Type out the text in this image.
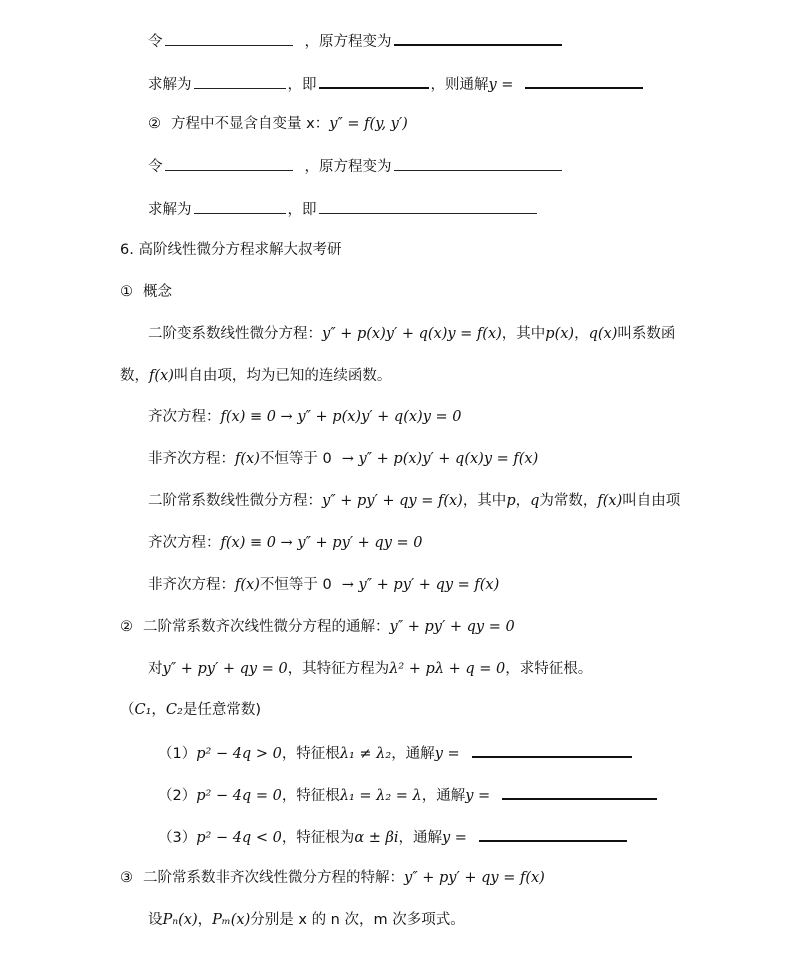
令	，原方程变为
求解为	，即	，则通解y =
② 方程中不显含自变量 x：y″ = f(y, y′)
令	，原方程变为
求解为	，即
6. 高阶线性微分方程求解大叔考研
① 概念
二阶变系数线性微分方程：y″ + p(x)y′ + q(x)y = f(x)，其中p(x)，q(x)叫系数函
数，f(x)叫自由项，均为已知的连续函数。
齐次方程：f(x) ≡ 0 → y″ + p(x)y′ + q(x)y = 0
非齐次方程：f(x)不恒等于 0 → y″ + p(x)y′ + q(x)y = f(x)
二阶常系数线性微分方程：y″ + py′ + qy = f(x)，其中p，q为常数，f(x)叫自由项
齐次方程：f(x) ≡ 0 → y″ + py′ + qy = 0
非齐次方程：f(x)不恒等于 0 → y″ + py′ + qy = f(x)
② 二阶常系数齐次线性微分方程的通解：y″ + py′ + qy = 0
对y″ + py′ + qy = 0，其特征方程为λ² + pλ + q = 0，求特征根。
（C₁，C₂是任意常数)
（1）p² − 4q > 0，特征根λ₁ ≠ λ₂，通解y =
（2）p² − 4q = 0，特征根λ₁ = λ₂ = λ，通解y =
（3）p² − 4q < 0，特征根为α ± βi，通解y =
③ 二阶常系数非齐次线性微分方程的特解：y″ + py′ + qy = f(x)
设Pₙ(x)，Pₘ(x)分别是 x 的 n 次，m 次多项式。
